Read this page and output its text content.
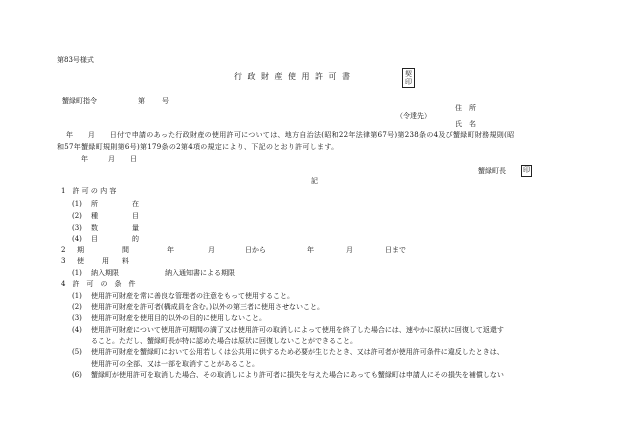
第83号様式
行政財産使用許可書	契
印
蟹緑町指令	第 号
住　所
（令達先）
氏　名
年　　月　　日付で申請のあった行政財産の使用許可については、地方自治法(昭和22年法律第67号)第238条の4及び蟹緑町財務規則(昭
和57年蟹緑町規則第6号)第179条の2第4項の規定により、下記のとおり許可します。
年	月 日
蟹緑町長 印
記
1　許 可 の 内 容
(1) 所	在
(2) 種	目
(3) 数	量
(4) 目	的
2 期	間	年	月	日から	年	月	日まで
3 使	用 料
(1) 納入期限	納入通知書による期限
4　許　可　の　条　件
(1) 使用許可財産を常に善良な管理者の注意をもって使用すること。
(2) 使用許可財産を許可者(構成員を含む。)以外の第三者に使用させないこと。
(3) 使用許可財産を使用目的以外の目的に使用しないこと。
(4) 使用許可財産について使用許可期間の満了又は使用許可の取消しによって使用を終了した場合には、速やかに原状に回復して返還す
ること。ただし、蟹緑町長が特に認めた場合は原状に回復しないことができること。
(5) 使用許可財産を蟹緑町において公用若しくは公共用に供するため必要が生じたとき、又は許可者が使用許可条件に違反したときは、
使用許可の全部、又は一部を取消すことがあること。
(6) 蟹緑町が使用許可を取消した場合、その取消しにより許可者に損失を与えた場合にあっても蟹緑町は申請人にその損失を補償しない
